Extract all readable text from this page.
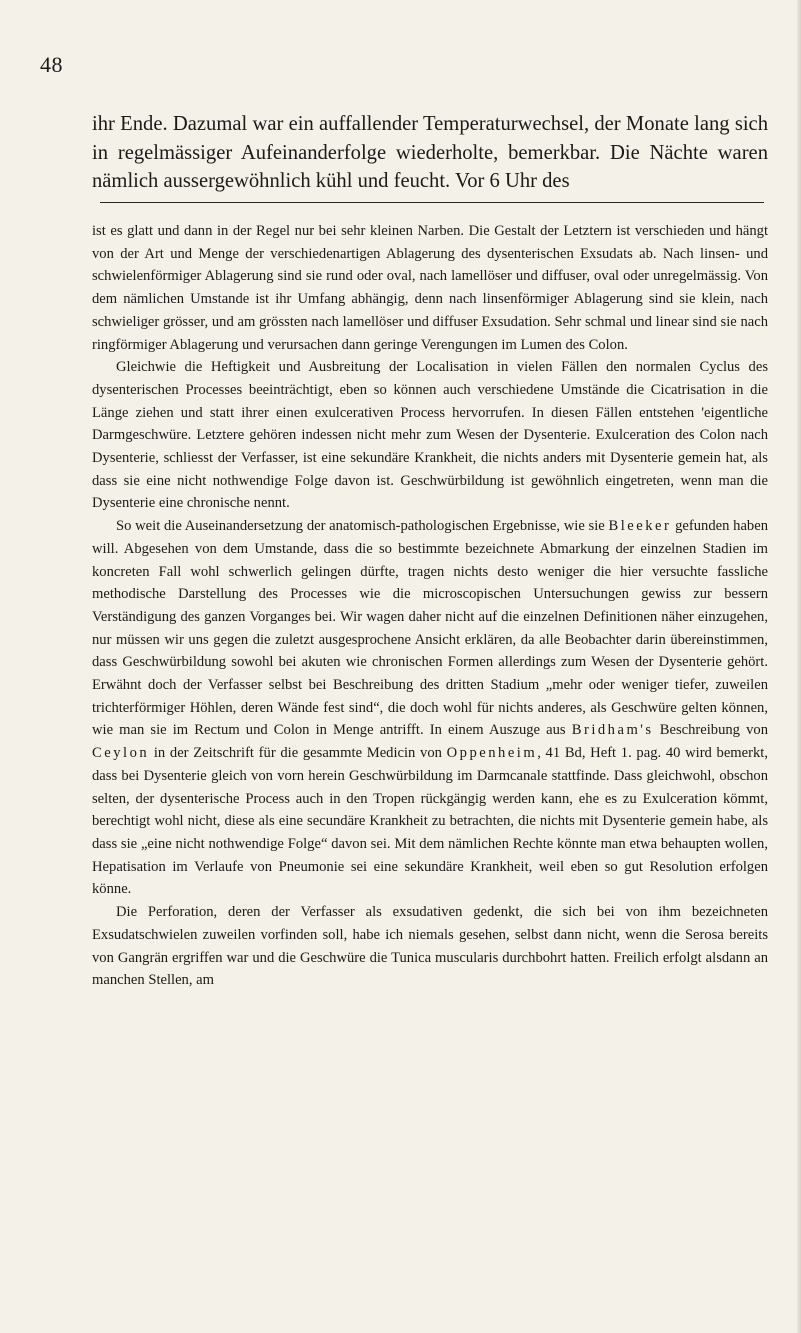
48

ihr Ende. Dazumal war ein auffallender Temperaturwechsel, der Monate lang sich in regelmässiger Aufeinanderfolge wiederholte, bemerkbar. Die Nächte waren nämlich aussergewöhnlich kühl und feucht. Vor 6 Uhr des

ist es glatt und dann in der Regel nur bei sehr kleinen Narben. Die Gestalt der Letztern ist verschieden und hängt von der Art und Menge der verschiedenartigen Ablagerung des dysenterischen Exsudats ab. Nach linsen- und schwielenförmiger Ablagerung sind sie rund oder oval, nach lamellöser und diffuser, oval oder unregelmässig. Von dem nämlichen Umstande ist ihr Umfang abhängig, denn nach linsenförmiger Ablagerung sind sie klein, nach schwieliger grösser, und am grössten nach lamellöser und diffuser Exsudation. Sehr schmal und linear sind sie nach ringförmiger Ablagerung und verursachen dann geringe Verengungen im Lumen des Colon.

Gleichwie die Heftigkeit und Ausbreitung der Localisation in vielen Fällen den normalen Cyclus des dysenterischen Processes beeinträchtigt, eben so können auch verschiedene Umstände die Cicatrisation in die Länge ziehen und statt ihrer einen exulcerativen Process hervorrufen. In diesen Fällen entstehen 'eigentliche Darmgeschwüre. Letztere gehören indessen nicht mehr zum Wesen der Dysenterie. Exulceration des Colon nach Dysenterie, schliesst der Verfasser, ist eine sekundäre Krankheit, die nichts anders mit Dysenterie gemein hat, als dass sie eine nicht nothwendige Folge davon ist. Geschwürbildung ist gewöhnlich eingetreten, wenn man die Dysenterie eine chronische nennt.

So weit die Auseinandersetzung der anatomisch-pathologischen Ergebnisse, wie sie Bleeker gefunden haben will. Abgesehen von dem Umstande, dass die so bestimmte bezeichnete Abmarkung der einzelnen Stadien im koncreten Fall wohl schwerlich gelingen dürfte, tragen nichts desto weniger die hier versuchte fassliche methodische Darstellung des Processes wie die microscopischen Untersuchungen gewiss zur bessern Verständigung des ganzen Vorganges bei. Wir wagen daher nicht auf die einzelnen Definitionen näher einzugehen, nur müssen wir uns gegen die zuletzt ausgesprochene Ansicht erklären, da alle Beobachter darin übereinstimmen, dass Geschwürbildung sowohl bei akuten wie chronischen Formen allerdings zum Wesen der Dysenterie gehört. Erwähnt doch der Verfasser selbst bei Beschreibung des dritten Stadium „mehr oder weniger tiefer, zuweilen trichterförmiger Höhlen, deren Wände fest sind“, die doch wohl für nichts anderes, als Geschwüre gelten können, wie man sie im Rectum und Colon in Menge antrifft. In einem Auszuge aus Bridham's Beschreibung von Ceylon in der Zeitschrift für die gesammte Medicin von Oppenheim, 41 Bd, Heft 1. pag. 40 wird bemerkt, dass bei Dysenterie gleich von vorn herein Geschwürbildung im Darmcanale stattfinde. Dass gleichwohl, obschon selten, der dysenterische Process auch in den Tropen rückgängig werden kann, ehe es zu Exulceration kömmt, berechtigt wohl nicht, diese als eine secundäre Krankheit zu betrachten, die nichts mit Dysenterie gemein habe, als dass sie „eine nicht nothwendige Folge“ davon sei. Mit dem nämlichen Rechte könnte man etwa behaupten wollen, Hepatisation im Verlaufe von Pneumonie sei eine sekundäre Krankheit, weil eben so gut Resolution erfolgen könne.

Die Perforation, deren der Verfasser als exsudativen gedenkt, die sich bei von ihm bezeichneten Exsudatschwielen zuweilen vorfinden soll, habe ich niemals gesehen, selbst dann nicht, wenn die Serosa bereits von Gangrän ergriffen war und die Geschwüre die Tunica muscularis durchbohrt hatten. Freilich erfolgt alsdann an manchen Stellen, am
